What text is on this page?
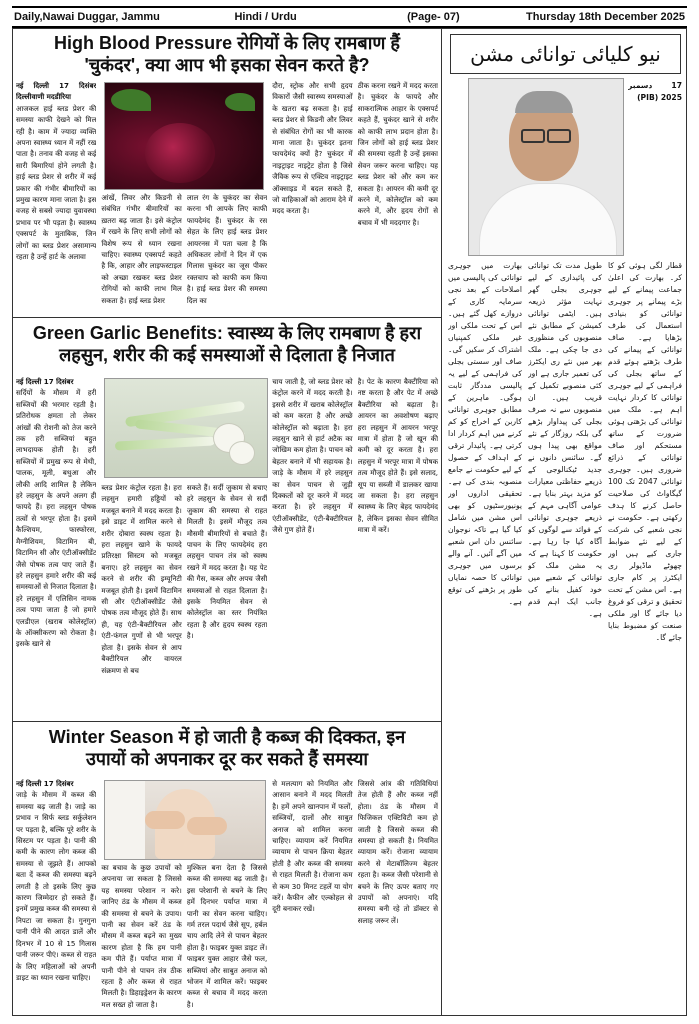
Daily,Nawai Duggar, Jammu	Hindi / Urdu	(Page- 07)	Thursday 18th December 2025
High Blood Pressure रोगियों के लिए रामबाण हैं
'चुकंदर', क्या आप भी इसका सेवन करते है?
नई दिल्ली 17 दिसंबर दिल्लीवाणी मदडीरिया
आजकल हाई ब्लड प्रेशर की समस्या काफी देखने को मिल रही है। काम में ज्यादा व्यक्ति अपना स्वास्थ्य ध्यान में नहीं रख पाता है। तनाव की वजह से कई सारी बिमारियां होने लगती है। हाई ब्लड प्रेशर से शरीर में कई प्रकार की गंभीर बीमारियों का प्रमुख कारण माना जाता है। इस वजह से सबसे ज्यादा युवावस्था प्रभाव पर भी पड़ता है। स्वास्थ्य एक्सपर्ट के मुताबिक, जिन लोगों का ब्लड प्रेशर असामान्य रहता है उन्हें हार्ट के अलावा
आंखें, लिवर और किडनी से संबंधित गंभीर बीमारियों का ख़तरा बढ़ जाता है। इसे कंट्रोल में रखने के लिए सभी लोगों को विशेष रूप से ध्यान रखना चाहिए। स्वास्थ्य एक्सपर्ट कहते है कि, आहार और लाइफस्टाइल को अच्छा रखकर ब्लड प्रेशर रोगियों को काफी लाभ मिल सकता है। हाई ब्लड प्रेशर
लाल रंग के चुकंदर का सेवन करना भी आपके लिए काफी फायदेमंद हैं। चुकंदर के रस सेहत के लिए हाई ब्लड प्रेशर आयरनस में पता चला है कि अधिकतर लोगों ने दिन में एक गिलास चुकंदर का जूस पीकर रक्तचाप को काफी कम किया है। हाई ब्लड प्रेशर की समस्या दिल का
दौरा, स्ट्रोक और सभी हृदय विकारों जैसी स्वास्थ्य समस्याओं के खतरा बढ़ सकता है। हाई ब्लड प्रेशर से किडनी और लिवर से संबंधित रोगों का भी कारक माना जाता है। चुकंदर इतना फायदेमंद क्यों है? चुकंदर में नाइट्राइट नाइट्रेट होता है जिसे जैविक रूप से एक्टिव नाइट्राइट ऑक्साइड में बदल सकते हैं, जो वाहिकाओं को आराम देने में मदद करता है।
ठीक करना रखने में मदद करता है। चुकंदर के फायदे और साकरात्मिक आहार के एक्सपर्ट कहते हैं, चुकंदर खाने से शरीर को काफी लाभ प्रदान होता है। जिन लोगों को हाई ब्लड प्रेशर की समस्या रहती है उन्हें इसका सेवन जरूर करना चाहिए। यह ब्लड प्रेशर को और कम कर सकता है। आयरन की कमी दूर करने में, कोलेस्ट्रॉल को कम करने में, और हृदय रोगों से बचाव में भी मददगार है।
Green Garlic Benefits: स्वास्थ्य के लिए रामबाण है हरा
लहसुन, शरीर की कई समस्याओं से दिलाता है निजात
नई दिल्ली 17 दिसंबर
सर्दियों के मौसम में हरी सब्जियों की भरमार रहती है। प्रतिरोधक क्षमता तो लेकर आंखों की रोशनी को तेज करने तक हरी सब्जियां बहुत लाभदायक होती है। हरी सब्जियों में प्रमुख रूप से मेथी, पालक, मूली, बथुआ और लौकी आदि शामिल है लेकिन हरे लहसुन के अपने अलग ही फायदे हैं। हरा लहसुन पोषक तत्वों से भरपूर होता है। इसमें कैल्शियम, फास्फोरस, मैग्नीशियम, विटामिन बी, विटामिन सी और एंटीऑक्सीडेंट जैसे पोषक तत्व पाए जाते हैं। हरे लहसुन हमारे शरीर की कई समस्याओं से निजात दिलाता है। हरे लहसुन में एलिसिन नामक तत्व पाया जाता है जो हमारे एलडीएल (खराब कोलेस्ट्रॉल) के ऑक्सीकरण को रोकता है। इसके खाने से
ब्लड प्रेशर कंट्रोल रहता है। हरा लहसुन हमारी हड्डियों को मजबूत बनाने में मदद करता है। इसे डाइट में शामिल करने से शरीर दोबारा स्वस्थ रहता है। हरा लहसुन खाने के फायदे प्रतिरक्षा सिस्टम को मजबूत बनाए। हरे लहसुन का सेवन करने से शरीर की इम्यूनिटी मजबूत होती है। इसमें विटामिन सी और एंटीऑक्सीडेंट जैसे पोषक तत्व मौजूद होते हैं। साथ ही, यह एंटी-बैक्टीरियल और एंटी-फंगल गुणों से भी भरपूर होता है। इसके सेवन से आप बैक्टीरियल और वायरल संक्रमण से बच
सकते हैं। सर्दी जुकाम से बचाए हरे लहसुन के सेवन से सर्दी जुकाम की समस्या से राहत मिलती है। इसमें मौजूद तत्व मौसमी बीमारियों से बचाते हैं। पाचन के लिए फायदेमंद हरा लहसुन पाचन तंत्र को स्वस्थ रखने में मदद करता है। यह पेट की गैस, कब्ज और अपच जैसी समस्याओं से राहत दिलाता है। इसके नियमित सेवन से कोलेस्ट्रॉल का स्तर नियंत्रित रहता है और हृदय स्वस्थ रहता है।
चाय जाती है, जो ब्लड प्रेशर को कंट्रोल करने में मदद करती है। इससे शरीर में खराब कोलेस्ट्रॉल को कम करता है और अच्छे कोलेस्ट्रॉल को बढ़ाता है। हरा लहसुन खाने से हार्ट अटैक का जोखिम कम होता है। पाचन को बेहतर बनाने में भी सहायक है। जाड़े के मौसम में हरे लहसुन का सेवन पाचन से जुड़ी दिक्कतों को दूर करने में मदद करता है। हरे लहसुन में एंटीऑक्सीडेंट, एंटी-बैक्टीरियल जैसे गुण होते हैं।
है। पेट के कारण बैक्टीरिया को नष्ट करता है और पेट में अच्छे बैक्टीरिया को बढ़ाता है। आयरन का अवशोषण बढ़ाए हरा लहसुन में आयरन भरपूर मात्रा में होता है जो खून की कमी को दूर करता है। हरा लहसुन में भरपूर मात्रा में पोषक तत्व मौजूद होते हैं। इसे सलाद, सूप या सब्जी में डालकर खाया जा सकता है। हरा लहसुन स्वास्थ्य के लिए बेहद फायदेमंद है, लेकिन इसका सेवन सीमित मात्रा में करें।
Winter Season में हो जाती है कब्ज की दिक्कत, इन
उपायों को अपनाकर दूर कर सकते हैं समस्या
नई दिल्ली 17 दिसंबर
जाड़े के मौसम में कब्ज की समस्या बढ़ जाती है। जाड़े का प्रभाव न सिर्फ ब्लड सर्कुलेशन पर पड़ता है, बल्कि पूरे शरीर के सिस्टम पर पड़ता है। पानी की कमी के कारण लोग कब्ज की समस्या से जूझते हैं। आपको बता दें कब्ज की समस्या बढ़ने लगती है तो इसके लिए कुछ कारण जिम्मेदार हो सकते हैं। इनमें प्रमुख कब्ज की समस्या से निपटा जा सकता है। गुनगुना पानी पीने की आदत डालें और दिनभर में 10 से 15 गिलास पानी जरूर पीएं। कब्ज से राहत के लिए महिलाओं को अपनी डाइट का ध्यान रखना चाहिए।
का बचाव के कुछ उपायों को अपनाया जा सकता है जिससे यह समस्या परेशान न करे। जानिए ठंड के मौसम में कब्ज की समस्या से बचने के उपाय। पानी का सेवन करें ठंड के मौसम में कब्ज बढ़ने का मुख्य कारण होता है कि हम पानी कम पीते हैं। पर्याप्त मात्रा में पानी पीने से पाचन तंत्र ठीक रहता है और कब्ज से राहत मिलती है। डिहाइड्रेशन के कारण मल सख्त हो जाता है।
मुश्किल बना देता है जिससे कब्ज की समस्या बढ़ जाती है। इस परेशानी से बचने के लिए हमें दिनभर पर्याप्त मात्रा में पानी का सेवन करना चाहिए। गर्म तरल पदार्थ जैसे सूप, हर्बल चाय आदि लेने से पाचन बेहतर होता है। फाइबर युक्त डाइट लें। फाइबर युक्त आहार जैसे फल, सब्जियां और साबुत अनाज को भोजन में शामिल करें। फाइबर कब्ज से बचाव में मदद करता है।
से मलत्याग को नियमित और आसान बनाने में मदद मिलती है। हमें अपने खानपान में फलों, सब्जियों, दालों और साबुत अनाज को शामिल करना चाहिए। व्यायाम करें नियमित व्यायाम से पाचन क्रिया बेहतर होती है और कब्ज की समस्या से राहत मिलती है। रोजाना कम से कम 30 मिनट टहलें या योग करें। कैफीन और एल्कोहल से दूरी बनाकर रखें।
जिससे आंत्र की गतिविधियां तेज होती हैं और कब्ज नहीं होता। ठंड के मौसम में फिजिकल एक्टिविटी कम हो जाती है जिससे कब्ज की समस्या हो सकती है। नियमित व्यायाम करें। रोजाना व्यायाम करने से मेटाबॉलिज्म बेहतर रहता है। कब्ज जैसी परेशानी से बचने के लिए ऊपर बताए गए उपायों को अपनाएं। यदि समस्या बनी रहे तो डॉक्टर से सलाह जरूर लें।
نیو کلیائی توانائی مشن
17 دسمبر 2025 (PIB)
قطار لگی ہوئی کو کا کر۔ بھارت کی اعلیٰ جماعت پیمانے کے لیے بڑے پیمانے پر جوہری توانائی کو بنیادی استعمال کی طرف بڑھایا ہے۔ صاف توانائی کے پیمانے کی طرف بڑھتے ہوئے قدم کے ساتھ بجلی کی فراہمی کے لیے جوہری توانائی کا کردار نہایت اہم ہے۔ ملک میں توانائی کی بڑھتی ہوئی ضرورت کے ساتھ مستحکم اور صاف توانائی کے ذرائع ضروری ہیں۔ جوہری توانائی 2047 تک 100 گیگاواٹ کی صلاحیت حاصل کرنے کا ہدف رکھتی ہے۔ حکومت نے نجی شعبے کی شرکت کے لیے نئے ضوابط جاری کیے ہیں اور چھوٹے ماڈیولر ری ایکٹرز پر کام جاری ہے۔ اس مشن کے تحت تحقیق و ترقی کو فروغ دیا جائے گا اور ملکی صنعت کو مضبوط بنایا جائے گا۔
طویل مدت تک توانائی کی پائیداری کے لیے جوہری بجلی گھر نہایت مؤثر ذریعہ ہیں۔ ایٹمی توانائی کمیشن کے مطابق نئے منصوبوں کی منظوری دی جا چکی ہے۔ ملک بھر میں نئے ری ایکٹرز کی تعمیر جاری ہے اور کئی منصوبے تکمیل کے قریب ہیں۔ ان منصوبوں سے نہ صرف بجلی کی پیداوار بڑھے گی بلکہ روزگار کے نئے مواقع بھی پیدا ہوں گے۔ سائنس دانوں نے جدید ٹیکنالوجی کے ذریعے حفاظتی معیارات کو مزید بہتر بنایا ہے۔ عوامی آگاہی مہم کے ذریعے جوہری توانائی کے فوائد سے لوگوں کو آگاہ کیا جا رہا ہے۔ حکومت کا کہنا ہے کہ یہ مشن ملک کو توانائی کے شعبے میں خود کفیل بنانے کی جانب ایک اہم قدم ہے۔
بھارت میں جوہری توانائی کی پالیسی میں اصلاحات کے بعد نجی سرمایہ کاری کے دروازے کھل گئے ہیں۔ اس کے تحت ملکی اور غیر ملکی کمپنیاں اشتراک کر سکیں گی۔ صاف اور سستی بجلی کی فراہمی کے لیے یہ پالیسی مددگار ثابت ہوگی۔ ماہرین کے مطابق جوہری توانائی کاربن کے اخراج کو کم کرنے میں اہم کردار ادا کرتی ہے۔ پائیدار ترقی کے اہداف کے حصول کے لیے حکومت نے جامع منصوبہ بندی کی ہے۔ تحقیقی اداروں اور یونیورسٹیوں کو بھی اس مشن میں شامل کیا گیا ہے تاکہ نوجوان سائنس دان اس شعبے میں آگے آئیں۔ آنے والے برسوں میں جوہری توانائی کا حصہ نمایاں طور پر بڑھنے کی توقع ہے۔
